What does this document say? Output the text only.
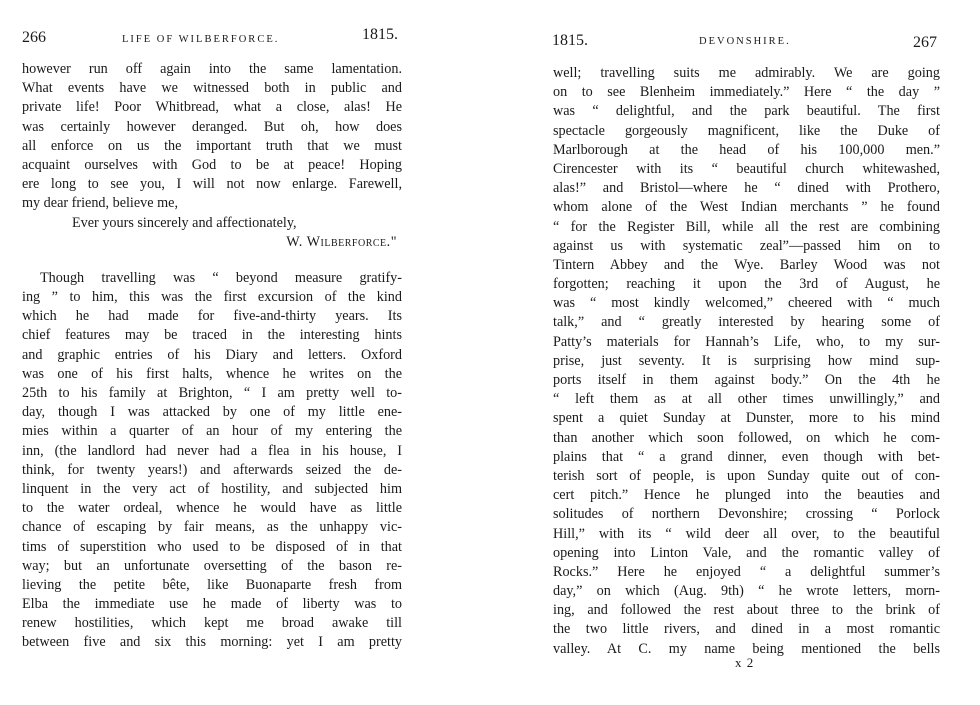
266	LIFE OF WILBERFORCE.	1815.
however run off again into the same lamentation.
What events have we witnessed both in public and
private life! Poor Whitbread, what a close, alas! He
was certainly however deranged. But oh, how does
all enforce on us the important truth that we must
acquaint ourselves with God to be at peace! Hoping
ere long to see you, I will not now enlarge. Farewell,
my dear friend, believe me,
Ever yours sincerely and affectionately,
W. Wilberforce."
Though travelling was “ beyond measure gratify-
ing ” to him, this was the first excursion of the kind
which he had made for five-and-thirty years. Its
chief features may be traced in the interesting hints
and graphic entries of his Diary and letters. Oxford
was one of his first halts, whence he writes on the
25th to his family at Brighton, “ I am pretty well to-
day, though I was attacked by one of my little ene-
mies within a quarter of an hour of my entering the
inn, (the landlord had never had a flea in his house, I
think, for twenty years!) and afterwards seized the de-
linquent in the very act of hostility, and subjected him
to the water ordeal, whence he would have as little
chance of escaping by fair means, as the unhappy vic-
tims of superstition who used to be disposed of in that
way; but an unfortunate oversetting of the bason re-
lieving the petite bête, like Buonaparte fresh from
Elba the immediate use he made of liberty was to
renew hostilities, which kept me broad awake till
between five and six this morning: yet I am pretty
1815.	DEVONSHIRE.	267
well; travelling suits me admirably. We are going
on to see Blenheim immediately.” Here “ the day ”
was “ delightful, and the park beautiful. The first
spectacle gorgeously magnificent, like the Duke of
Marlborough at the head of his 100,000 men.”
Cirencester with its “ beautiful church whitewashed,
alas!” and Bristol—where he “ dined with Prothero,
whom alone of the West Indian merchants ” he found
“ for the Register Bill, while all the rest are combining
against us with systematic zeal”—passed him on to
Tintern Abbey and the Wye. Barley Wood was not
forgotten; reaching it upon the 3rd of August, he
was “ most kindly welcomed,” cheered with “ much
talk,” and “ greatly interested by hearing some of
Patty’s materials for Hannah’s Life, who, to my sur-
prise, just seventy. It is surprising how mind sup-
ports itself in them against body.” On the 4th he
“ left them as at all other times unwillingly,” and
spent a quiet Sunday at Dunster, more to his mind
than another which soon followed, on which he com-
plains that “ a grand dinner, even though with bet-
terish sort of people, is upon Sunday quite out of con-
cert pitch.” Hence he plunged into the beauties and
solitudes of northern Devonshire; crossing “ Porlock
Hill,” with its “ wild deer all over, to the beautiful
opening into Linton Vale, and the romantic valley of
Rocks.” Here he enjoyed “ a delightful summer’s
day,” on which (Aug. 9th) “ he wrote letters, morn-
ing, and followed the rest about three to the brink of
the two little rivers, and dined in a most romantic
valley. At C. my name being mentioned the bells
x 2
